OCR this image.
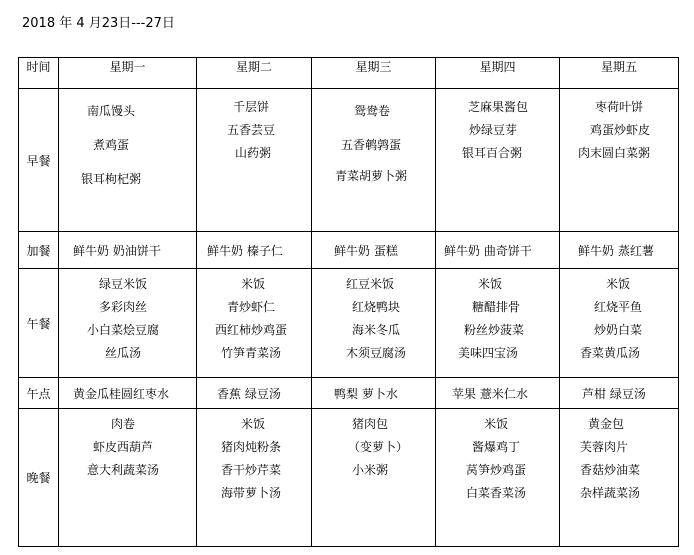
2018 年 4 月23日---27日
时间	星期一	星期二	星期三	星期四	星期五
早餐	南瓜馒头
煮鸡蛋
银耳枸杞粥	千层饼
五香芸豆
山药粥	鸳鸯卷
五香鹌鹑蛋
青菜胡萝卜粥	芝麻果酱包
炒绿豆芽
银耳百合粥	枣荷叶饼
鸡蛋炒虾皮
肉末圆白菜粥

加餐	鲜牛奶 奶油饼干	鲜牛奶 榛子仁	鲜牛奶 蛋糕	鲜牛奶 曲奇饼干	鲜牛奶 蒸红薯

午餐	绿豆米饭
多彩肉丝
小白菜烩豆腐
丝瓜汤	米饭
青炒虾仁
西红柿炒鸡蛋
竹笋青菜汤	红豆米饭
红烧鸭块
海米冬瓜
木须豆腐汤	米饭
糖醋排骨
粉丝炒菠菜
美味四宝汤	米饭
红烧平鱼
炒奶白菜
香菜黄瓜汤

午点	黄金瓜桂圆红枣水	香蕉 绿豆汤	鸭梨 萝卜水	苹果 薏米仁水	芦柑 绿豆汤

晚餐	肉卷
虾皮西葫芦
意大利蔬菜汤	米饭
猪肉炖粉条
香干炒芹菜
海带萝卜汤	猪肉包
（变萝卜）
小米粥	米饭
酱爆鸡丁
莴笋炒鸡蛋
白菜香菜汤	黄金包
芙蓉肉片
香菇炒油菜
杂样蔬菜汤
